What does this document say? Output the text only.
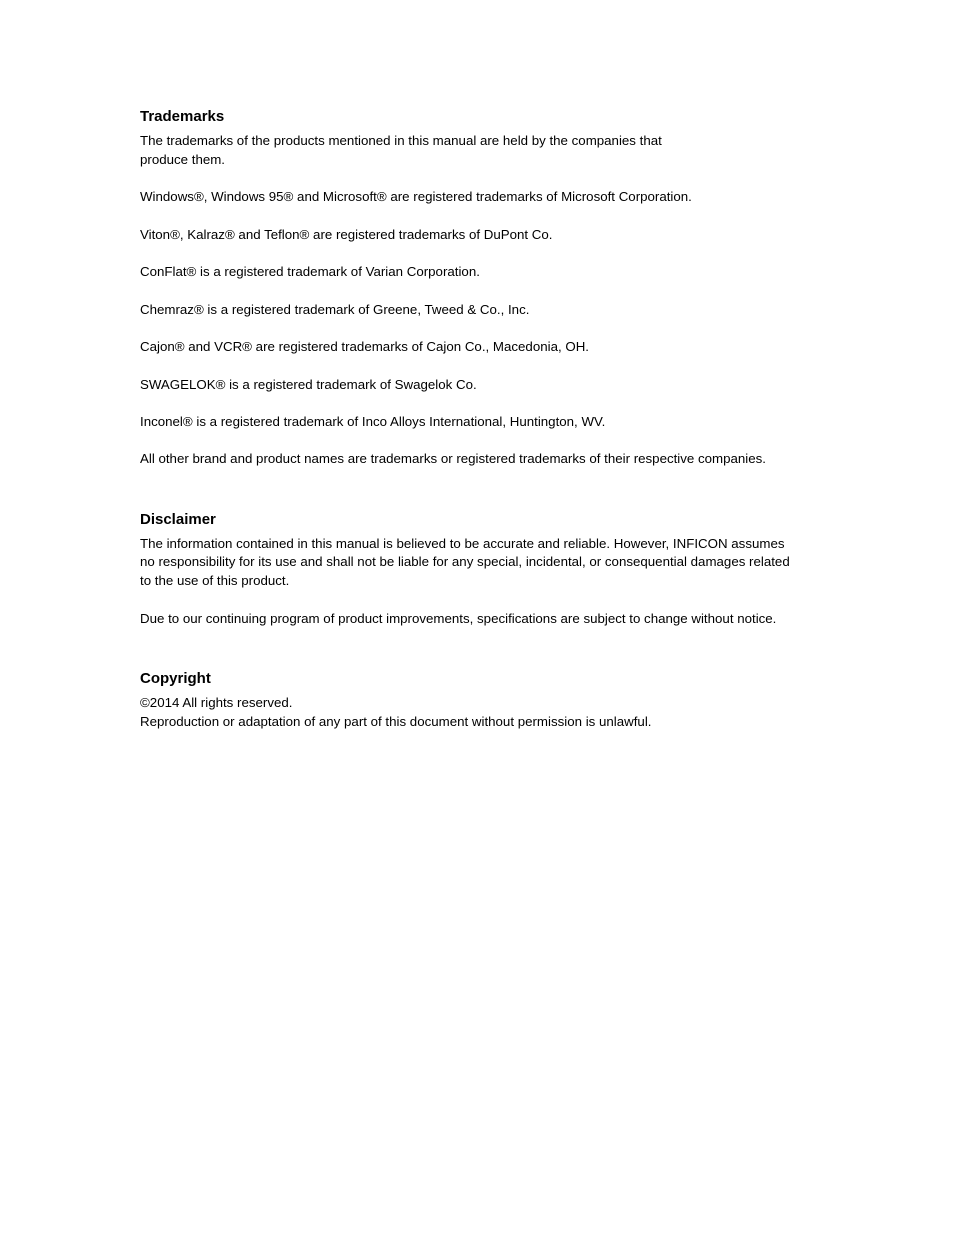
Trademarks
The trademarks of the products mentioned in this manual are held by the companies that
produce them.
Windows®, Windows 95® and Microsoft® are registered trademarks of Microsoft Corporation.
Viton®, Kalraz® and Teflon® are registered trademarks of DuPont Co.
ConFlat® is a registered trademark of Varian Corporation.
Chemraz® is a registered trademark of Greene, Tweed & Co., Inc.
Cajon® and VCR® are registered trademarks of Cajon Co., Macedonia, OH.
SWAGELOK® is a registered trademark of Swagelok Co.
Inconel® is a registered trademark of Inco Alloys International, Huntington, WV.
All other brand and product names are trademarks or registered trademarks of their respective companies.
Disclaimer
The information contained in this manual is believed to be accurate and reliable. However, INFICON assumes
no responsibility for its use and shall not be liable for any special, incidental, or consequential damages related
to the use of this product.
Due to our continuing program of product improvements, specifications are subject to change without notice.
Copyright
©2014 All rights reserved.
Reproduction or adaptation of any part of this document without permission is unlawful.
